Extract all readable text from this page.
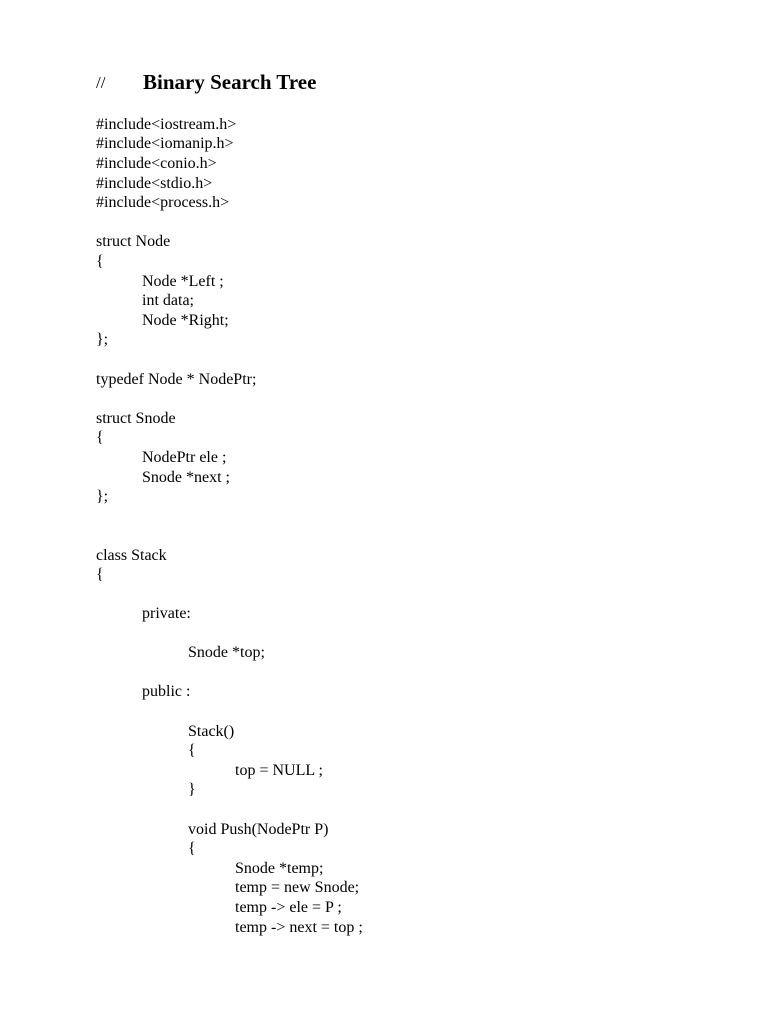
//

Binary Search Tree

#include<iostream.h>
#include<iomanip.h>
#include<conio.h>
#include<stdio.h>
#include<process.h>
struct Node
{
Node *Left ;
int data;
Node *Right;
};
typedef Node * NodePtr;
struct Snode
{
NodePtr ele ;
Snode *next ;
};
class Stack
{
private:
Snode *top;
public :
Stack()
{
top = NULL ;
}
void Push(NodePtr P)
{
Snode *temp;
temp = new Snode;
temp -> ele = P ;
temp -> next = top ;
